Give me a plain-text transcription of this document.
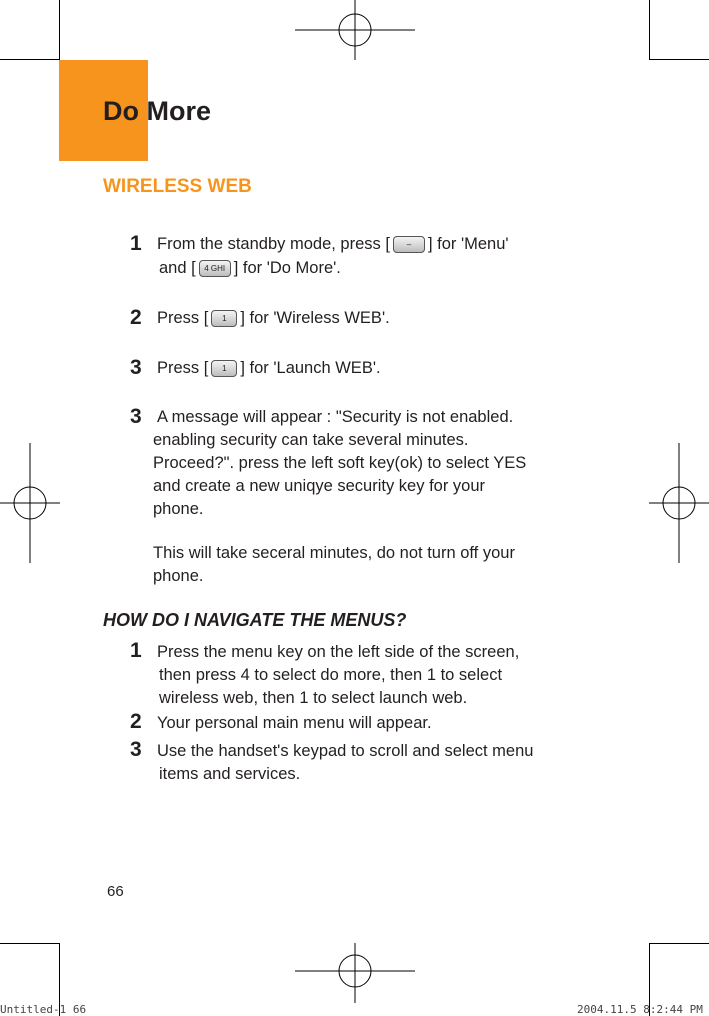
Do More
WIRELESS WEB
1 From the standby mode, press [ – ] for 'Menu'
and [ 4 GHI ] for 'Do More'.
2 Press [ 1 ] for 'Wireless WEB'.
3 Press [ 1 ] for 'Launch WEB'.
3 A message will appear : "Security is not enabled.
enabling security can take several minutes.
Proceed?". press the left soft key(ok) to select YES
and create a new uniqye security key for your
phone.
This will take seceral minutes, do not turn off your
phone.
HOW DO I NAVIGATE THE MENUS?
1 Press the menu key on the left side of the screen,
then press 4 to select do more, then 1 to select
wireless web, then 1 to select launch web.
2 Your personal main menu will appear.
3 Use the handset's keypad to scroll and select menu
items and services.
66
Untitled-1 66	2004.11.5 8:2:44 PM
